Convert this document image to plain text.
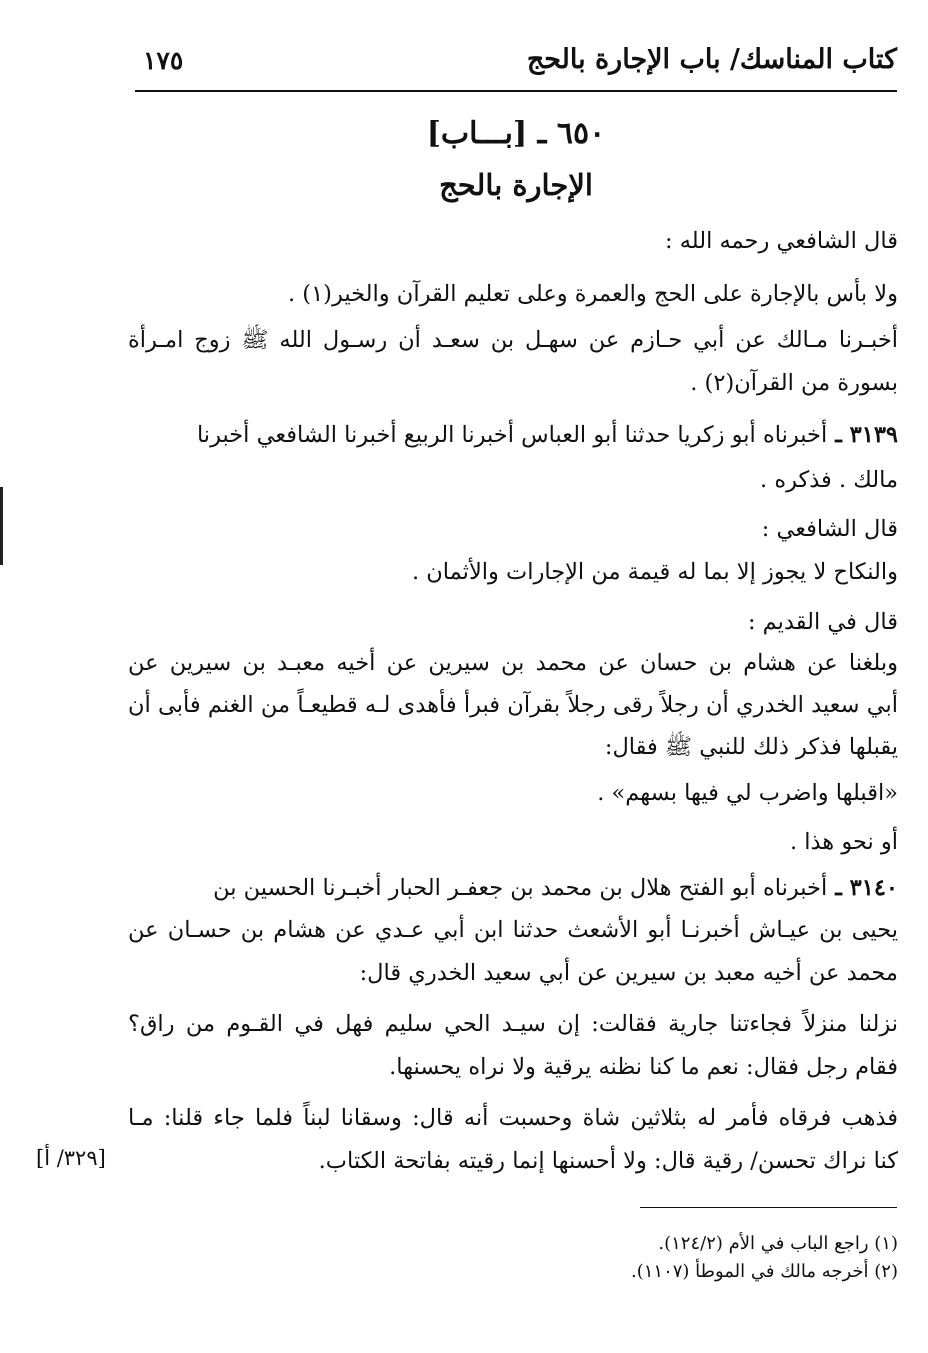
كتاب المناسك/ باب الإجارة بالحج
١٧٥
٦٥٠ ـ [بـــاب]
الإجارة بالحج
قال الشافعي رحمه الله :
ولا بأس بالإجارة على الحج والعمرة وعلى تعليم القرآن والخير(١) .
أخبـرنا مـالك عن أبي حـازم عن سهـل بن سعـد أن رسـول الله ﷺ زوج امـرأة
بسورة من القرآن(٢) .
٣١٣٩ ـ
أخبرناه أبو زكريا حدثنا أبو العباس أخبرنا الربيع أخبرنا الشافعي أخبرنا
مالك . فذكره .
قال الشافعي :
والنكاح لا يجوز إلا بما له قيمة من الإجارات والأثمان .
قال في القديم :
وبلغنا عن هشام بن حسان عن محمد بن سيرين عن أخيه معبـد بن سيرين عن
أبي سعيد الخدري أن رجلاً رقى رجلاً بقرآن فبرأ فأهدى لـه قطيعـاً من الغنم فأبى أن
يقبلها فذكر ذلك للنبي ﷺ فقال:
«اقبلها واضرب لي فيها بسهم» .
أو نحو هذا .
٣١٤٠ ـ
أخبرناه أبو الفتح هلال بن محمد بن جعفـر الحبار أخبـرنا الحسين بن
يحيى بن عيـاش أخبرنـا أبو الأشعث حدثنا ابن أبي عـدي عن هشام بن حسـان عن
محمد عن أخيه معبد بن سيرين عن أبي سعيد الخدري قال:
نزلنا منزلاً فجاءتنا جارية فقالت: إن سيـد الحي سليم فهل في القـوم من راق؟
فقام رجل فقال: نعم ما كنا نظنه يرقية ولا نراه يحسنها.
فذهب فرقاه فأمر له بثلاثين شاة وحسبت أنه قال: وسقانا لبناً فلما جاء قلنا: مـا
كنا نراك تحسن/ رقية قال: ولا أحسنها إنما رقيته بفاتحة الكتاب.
[٣٢٩/ أ]
(١) راجع الباب في الأم (١٢٤/٢).
(٢) أخرجه مالك في الموطأ (١١٠٧).
